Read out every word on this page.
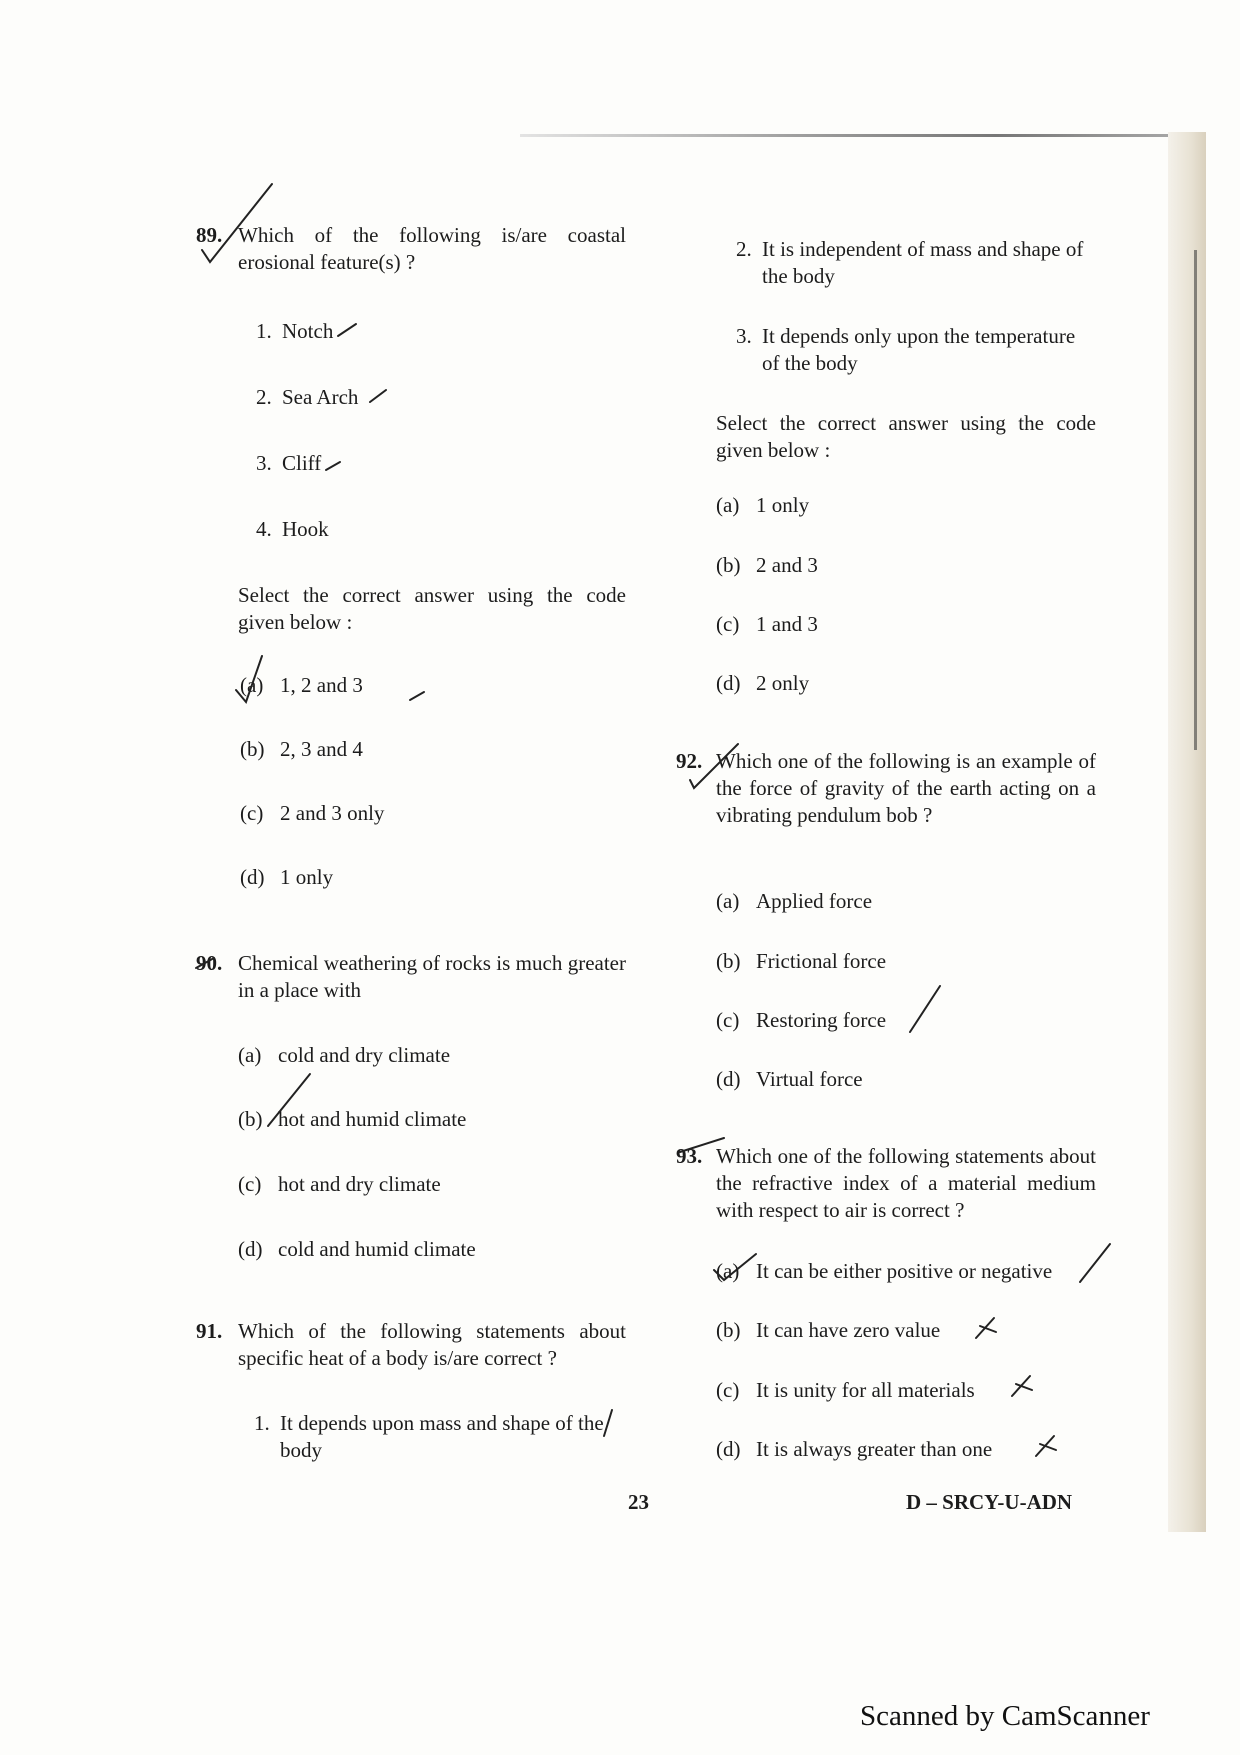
89. Which of the following is/are coastal erosional feature(s) ?
1. Notch
2. Sea Arch
3. Cliff
4. Hook
Select the correct answer using the code given below :
(a) 1, 2 and 3
(b) 2, 3 and 4
(c) 2 and 3 only
(d) 1 only
90. Chemical weathering of rocks is much greater in a place with
(a) cold and dry climate
(b) hot and humid climate
(c) hot and dry climate
(d) cold and humid climate
91. Which of the following statements about specific heat of a body is/are correct ?
1. It depends upon mass and shape of the body
2. It is independent of mass and shape of the body
3. It depends only upon the temperature of the body
Select the correct answer using the code given below :
(a) 1 only
(b) 2 and 3
(c) 1 and 3
(d) 2 only
92. Which one of the following is an example of the force of gravity of the earth acting on a vibrating pendulum bob ?
(a) Applied force
(b) Frictional force
(c) Restoring force
(d) Virtual force
93. Which one of the following statements about the refractive index of a material medium with respect to air is correct ?
(a) It can be either positive or negative
(b) It can have zero value
(c) It is unity for all materials
(d) It is always greater than one
23	D – SRCY-U-ADN
Scanned by CamScanner
